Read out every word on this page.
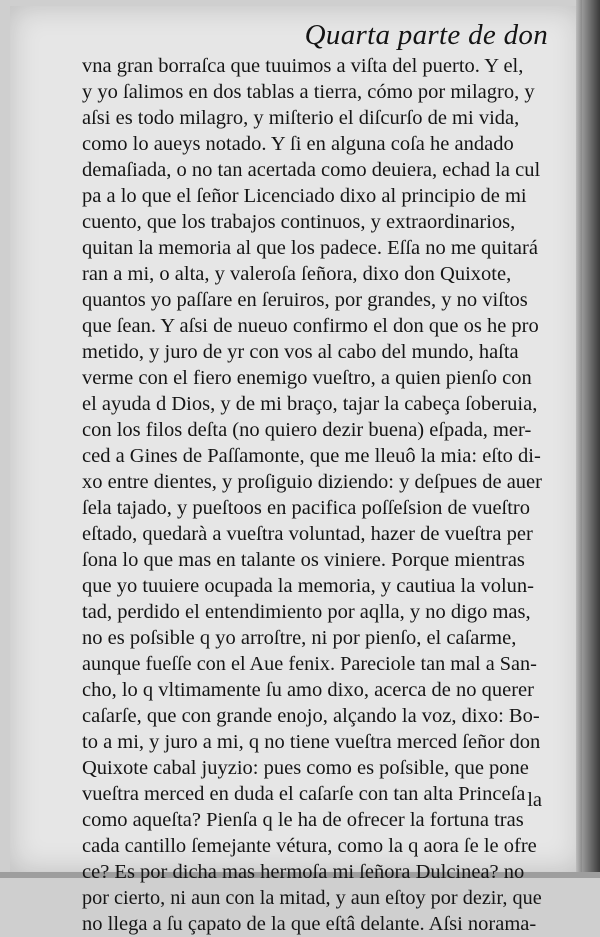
Quarta parte de don
vna gran borraſca que tuuimos a viſta del puerto. Y el,
y yo ſalimos en dos tablas a tierra, cómo por milagro, y
aſsi es todo milagro, y miſterio el diſcurſo de mi vida,
como lo aueys notado. Y ſi en alguna coſa he andado
demaſiada, o no tan acertada como deuiera, echad la cul
pa a lo que el ſeñor Licenciado dixo al principio de mi
cuento, que los trabajos continuos, y extraordinarios,
quitan la memoria al que los padece. Eſſa no me quitará
ran a mi, o alta, y valeroſa ſeñora, dixo don Quixote,
quantos yo paſſare en ſeruiros, por grandes, y no viſtos
que ſean. Y aſsi de nueuo confirmo el don que os he pro
metido, y juro de yr con vos al cabo del mundo, haſta
verme con el fiero enemigo vueſtro, a quien pienſo con
el ayuda d Dios, y de mi braço, tajar la cabeça ſoberuia,
con los filos deſta (no quiero dezir buena) eſpada, mer-
ced a Gines de Paſſamonte, que me lleuô la mia: eſto di-
xo entre dientes, y proſiguio diziendo: y deſpues de auer
ſela tajado, y pueſtoos en pacifica poſſeſsion de vueſtro
eſtado, quedarà a vueſtra voluntad, hazer de vueſtra per
ſona lo que mas en talante os viniere. Porque mientras
que yo tuuiere ocupada la memoria, y cautiua la volun-
tad, perdido el entendimiento por aqlla, y no digo mas,
no es poſsible q yo arroſtre, ni por pienſo, el caſarme,
aunque fueſſe con el Aue fenix. Pareciole tan mal a San-
cho, lo q vltimamente ſu amo dixo, acerca de no querer
caſarſe, que con grande enojo, alçando la voz, dixo: Bo-
to a mi, y juro a mi, q no tiene vueſtra merced ſeñor don
Quixote cabal juyzio: pues como es poſsible, que pone
vueſtra merced en duda el caſarſe con tan alta Princeſa
como aqueſta? Pienſa q le ha de ofrecer la fortuna tras
cada cantillo ſemejante vétura, como la q aora ſe le ofre
ce? Es por dicha mas hermoſa mi ſeñora Dulcinea? no
por cierto, ni aun con la mitad, y aun eſtoy por dezir, que
no llega a ſu çapato de la que eſtâ delante. Aſsi norama-
la
